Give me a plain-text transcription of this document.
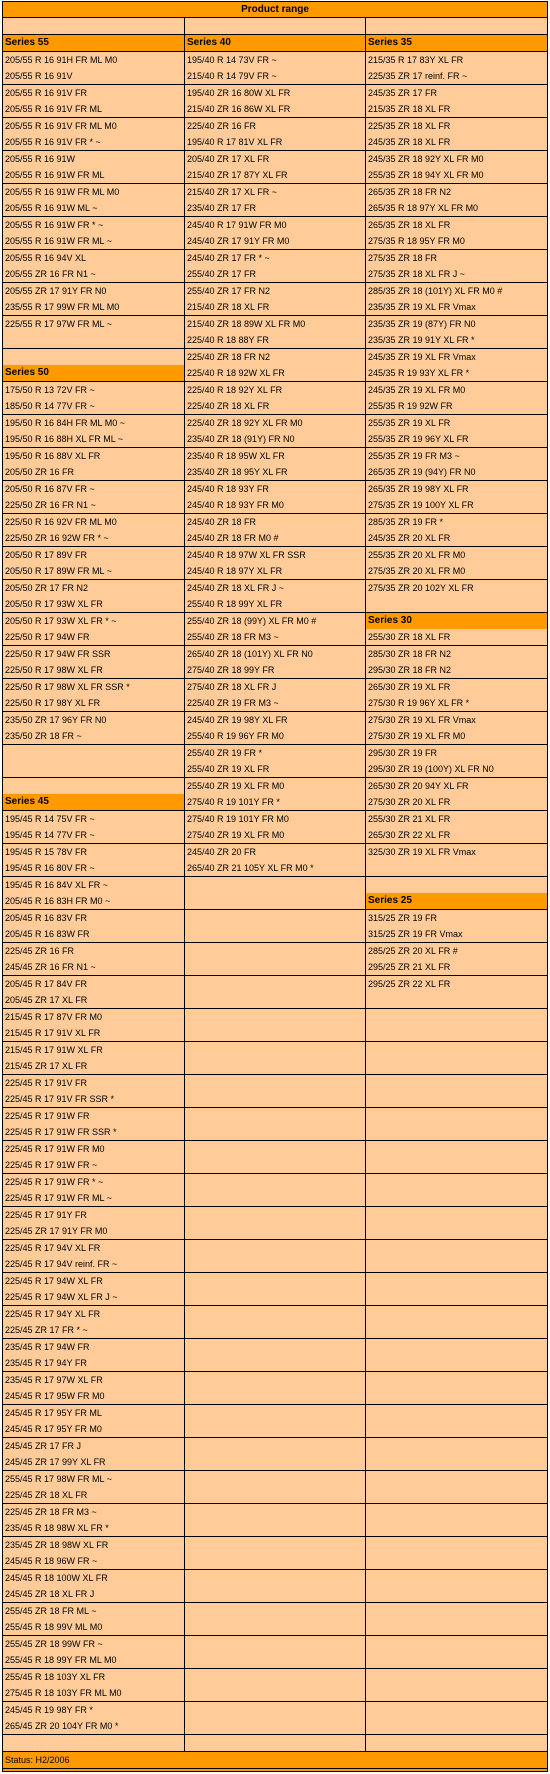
Product range
Series 55
205/55 R 16 91H FR ML M0
205/55 R 16 91V
205/55 R 16 91V FR
205/55 R 16 91V FR ML
205/55 R 16 91V FR ML M0
205/55 R 16 91V FR * ~
205/55 R 16 91W
205/55 R 16 91W FR ML
205/55 R 16 91W FR ML M0
205/55 R 16 91W ML ~
205/55 R 16 91W FR * ~
205/55 R 16 91W FR ML ~
205/55 R 16 94V XL
205/55 ZR 16 FR N1 ~
205/55 ZR 17 91Y FR N0
235/55 R 17 99W FR ML M0
225/55 R 17 97W FR ML ~
Series 50
175/50 R 13 72V FR ~
185/50 R 14 77V FR ~
195/50 R 16 84H FR ML M0 ~
195/50 R 16 88H XL FR ML ~
195/50 R 16 88V XL FR
205/50 ZR 16 FR
205/50 R 16 87V FR ~
225/50 ZR 16 FR N1 ~
225/50 R 16 92V FR ML M0
225/50 ZR 16 92W FR * ~
205/50 R 17 89V FR
205/50 R 17 89W FR ML ~
205/50 ZR 17 FR N2
205/50 R 17 93W XL FR
205/50 R 17 93W XL FR * ~
225/50 R 17 94W FR
225/50 R 17 94W FR SSR
225/50 R 17 98W XL FR
225/50 R 17 98W XL FR SSR *
225/50 R 17 98Y XL FR
235/50 ZR 17 96Y FR N0
235/50 ZR 18 FR ~
Series 45
195/45 R 14 75V FR ~
195/45 R 14 77V FR ~
195/45 R 15 78V FR
195/45 R 16 80V FR ~
195/45 R 16 84V XL FR ~
205/45 R 16 83H FR M0 ~
205/45 R 16 83V FR
205/45 R 16 83W FR
225/45 ZR 16 FR
245/45 ZR 16 FR N1 ~
205/45 R 17 84V FR
205/45 ZR 17 XL FR
215/45 R 17 87V FR M0
215/45 R 17 91V XL FR
215/45 R 17 91W XL FR
215/45 ZR 17 XL FR
225/45 R 17 91V FR
225/45 R 17 91V FR SSR *
225/45 R 17 91W FR
225/45 R 17 91W FR SSR *
225/45 R 17 91W FR M0
225/45 R 17 91W FR ~
225/45 R 17 91W FR * ~
225/45 R 17 91W FR ML ~
225/45 R 17 91Y FR
225/45 ZR 17 91Y FR M0
225/45 R 17 94V XL FR
225/45 R 17 94V reinf. FR ~
225/45 R 17 94W XL FR
225/45 R 17 94W XL FR J ~
225/45 R 17 94Y XL FR
225/45 ZR 17 FR * ~
235/45 R 17 94W FR
235/45 R 17 94Y FR
235/45 R 17 97W XL FR
245/45 R 17 95W FR M0
245/45 R 17 95Y FR ML
245/45 R 17 95Y FR M0
245/45 ZR 17 FR J
245/45 ZR 17 99Y XL FR
255/45 R 17 98W FR ML ~
225/45 ZR 18 XL FR
225/45 ZR 18 FR M3 ~
235/45 R 18 98W XL FR *
235/45 ZR 18 98W XL FR
245/45 R 18 96W FR ~
245/45 R 18 100W XL FR
245/45 ZR 18 XL FR J
255/45 ZR 18 FR ML ~
255/45 R 18 99V ML M0
255/45 ZR 18 99W FR ~
255/45 R 18 99Y FR ML M0
255/45 R 18 103Y XL FR
275/45 R 18 103Y FR ML M0
245/45 R 19 98Y FR *
265/45 ZR 20 104Y FR M0 *
Series 40
195/40 R 14 73V FR ~
215/40 R 14 79V FR ~
195/40 ZR 16 80W XL FR
215/40 ZR 16 86W XL FR
225/40 ZR 16 FR
195/40 R 17 81V XL FR
205/40 ZR 17 XL FR
215/40 ZR 17 87Y XL FR
215/40 ZR 17 XL FR ~
235/40 ZR 17 FR
245/40 R 17 91W FR M0
245/40 ZR 17 91Y FR M0
245/40 ZR 17 FR * ~
255/40 ZR 17 FR
255/40 ZR 17 FR N2
215/40 ZR 18 XL FR
215/40 ZR 18 89W XL FR M0
225/40 R 18 88Y FR
225/40 ZR 18 FR N2
225/40 R 18 92W XL FR
225/40 R 18 92Y XL FR
225/40 ZR 18 XL FR
225/40 ZR 18 92Y XL FR M0
235/40 ZR 18 (91Y) FR N0
235/40 R 18 95W XL FR
235/40 ZR 18 95Y XL FR
245/40 R 18 93Y FR
245/40 R 18 93Y FR M0
245/40 ZR 18 FR
245/40 ZR 18 FR M0 #
245/40 R 18 97W XL FR SSR
245/40 R 18 97Y XL FR
245/40 ZR 18 XL FR J ~
255/40 R 18 99Y XL FR
255/40 ZR 18 (99Y) XL FR M0 #
255/40 ZR 18 FR M3 ~
265/40 ZR 18 (101Y) XL FR N0
275/40 ZR 18 99Y FR
275/40 ZR 18 XL FR J
225/40 ZR 19 FR M3 ~
245/40 ZR 19 98Y XL FR
255/40 R 19 96Y FR M0
255/40 ZR 19 FR *
255/40 ZR 19 XL FR
255/40 ZR 19 XL FR M0
275/40 R 19 101Y FR *
275/40 R 19 101Y FR M0
275/40 ZR 19 XL FR M0
245/40 ZR 20 FR
265/40 ZR 21 105Y XL FR M0 *
Series 35
215/35 R 17 83Y XL FR
225/35 ZR 17 reinf. FR ~
245/35 ZR 17 FR
215/35 ZR 18 XL FR
225/35 ZR 18 XL FR
245/35 ZR 18 XL FR
245/35 ZR 18 92Y XL FR M0
255/35 ZR 18 94Y XL FR M0
265/35 ZR 18 FR N2
265/35 R 18 97Y XL FR M0
265/35 ZR 18 XL FR
275/35 R 18 95Y FR M0
275/35 ZR 18 FR
275/35 ZR 18 XL FR J ~
285/35 ZR 18 (101Y) XL FR M0 #
235/35 ZR 19 XL FR Vmax
235/35 ZR 19 (87Y) FR N0
235/35 ZR 19 91Y XL FR *
245/35 ZR 19 XL FR Vmax
245/35 R 19 93Y XL FR *
245/35 ZR 19 XL FR M0
255/35 R 19 92W FR
255/35 ZR 19 XL FR
255/35 ZR 19 96Y XL FR
255/35 ZR 19 FR M3 ~
265/35 ZR 19 (94Y) FR N0
265/35 ZR 19 98Y XL FR
275/35 ZR 19 100Y XL FR
285/35 ZR 19 FR *
245/35 ZR 20 XL FR
255/35 ZR 20 XL FR M0
275/35 ZR 20 XL FR M0
275/35 ZR 20 102Y XL FR
Series 30
255/30 ZR 18 XL FR
285/30 ZR 18 FR N2
295/30 ZR 18 FR N2
265/30 ZR 19 XL FR
275/30 R 19 96Y XL FR *
275/30 ZR 19 XL FR Vmax
275/30 ZR 19 XL FR M0
295/30 ZR 19 FR
295/30 ZR 19 (100Y) XL FR N0
265/30 ZR 20 94Y XL FR
275/30 ZR 20 XL FR
255/30 ZR 21 XL FR
265/30 ZR 22 XL FR
325/30 ZR 19 XL FR Vmax
Series 25
315/25 ZR 19 FR
315/25 ZR 19 FR Vmax
285/25 ZR 20 XL FR #
295/25 ZR 21 XL FR
295/25 ZR 22 XL FR
Status: H2/2006
